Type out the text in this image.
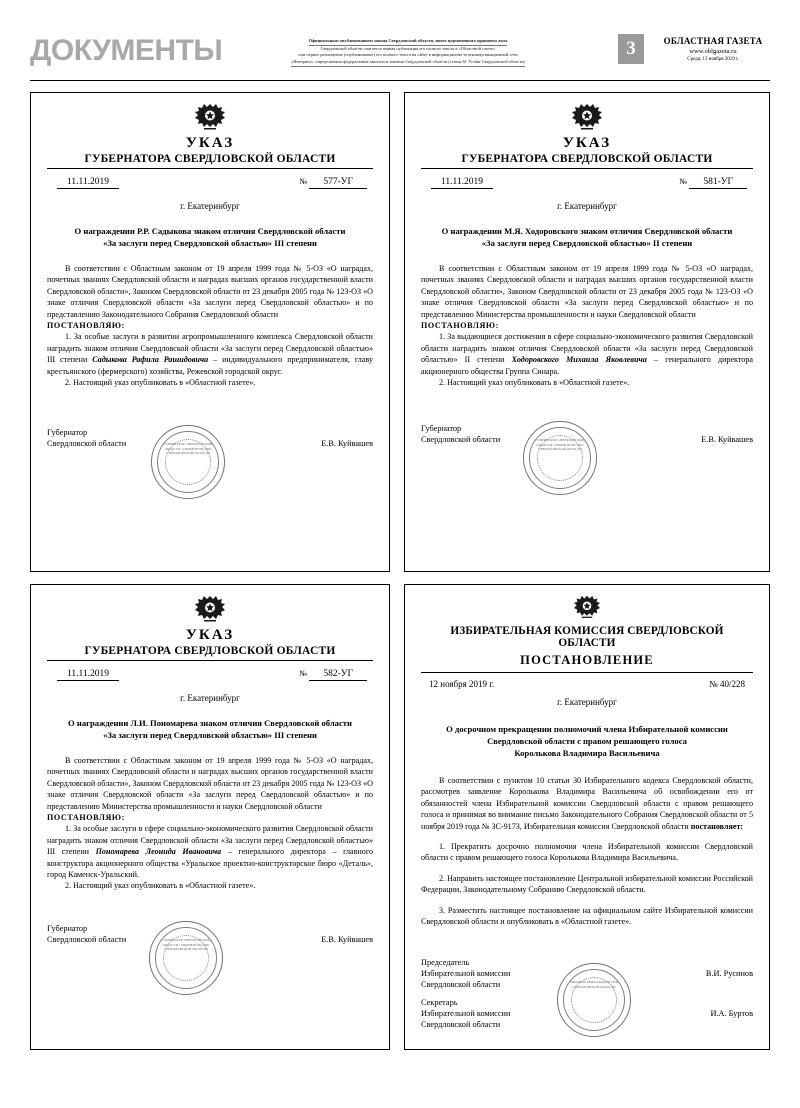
ДОКУМЕНТЫ	Официальным опубликованием закона Свердловской области, иного нормативного правового акта
Свердловской области считается первая публикация его полного текста в «Областной газете»
или первое размещение (опубликование) его полного текста на сайте в информационно-телекоммуникационной сети
«Интернет», определяемом федеральным законом и законом Свердловской области (статья 61 Устава Свердловской области)
3	ОБЛАСТНАЯ ГАЗЕТА
www.oblgazeta.ru
Среда, 13 ноября 2019 г.
УКАЗ
ГУБЕРНАТОРА СВЕРДЛОВСКОЙ ОБЛАСТИ
11.11.2019	№ 577-УГ
г. Екатеринбург
О награждении Р.Р. Садыкова знаком отличия Свердловской области
«За заслуги перед Свердловской областью» III степени

В соответствии с Областным законом от 19 апреля 1999 года № 5-ОЗ «О наградах, почетных званиях Свердловской области и наградах высших органов государственной власти Свердловской области», Законом Свердловской области от 23 декабря 2005 года № 123-ОЗ «О знаке отличия Свердловской области «За заслуги перед Свердловской областью» и по представлению Законодательного Собрания Свердловской области

ПОСТАНОВЛЯЮ:

1. За особые заслуги в развитии агропромышленного комплекса Свердловской области наградить знаком отличия Свердловской области «За заслуги перед Свердловской областью» III степени Садыкова Рафила Рашидовича – индивидуального предпринимателя, главу крестьянского (фермерского) хозяйства, Режевской городской округ.

2. Настоящий указ опубликовать в «Областной газете».

Губернатор
Свердловской области	Е.В. Куйвашев
ГУБЕРНАТОР СВЕРДЛОВСКОЙ ОБЛАСТИ • ПРАВИТЕЛЬСТВО СВЕРДЛОВСКОЙ ОБЛАСТИ
УКАЗ
ГУБЕРНАТОРА СВЕРДЛОВСКОЙ ОБЛАСТИ
11.11.2019	№ 581-УГ
г. Екатеринбург
О награждении М.Я. Ходоровского знаком отличия Свердловской области
«За заслуги перед Свердловской областью» II степени

В соответствии с Областным законом от 19 апреля 1999 года № 5-ОЗ «О наградах, почетных званиях Свердловской области и наградах высших органов государственной власти Свердловской области», Законом Свердловской области от 23 декабря 2005 года № 123-ОЗ «О знаке отличия Свердловской области «За заслуги перед Свердловской областью» и по представлению Министерства промышленности и науки Свердловской области

ПОСТАНОВЛЯЮ:

1. За выдающиеся достижения в сфере социально-экономического развития Свердловской области наградить знаком отличия Свердловской области «За заслуги перед Свердловской областью» II степени Ходоровского Михаила Яковлевича – генерального директора акционерного общества Группа Синара.

2. Настоящий указ опубликовать в «Областной газете».

Губернатор
Свердловской области	Е.В. Куйвашев
ГУБЕРНАТОР СВЕРДЛОВСКОЙ ОБЛАСТИ • ПРАВИТЕЛЬСТВО СВЕРДЛОВСКОЙ ОБЛАСТИ
УКАЗ
ГУБЕРНАТОРА СВЕРДЛОВСКОЙ ОБЛАСТИ
11.11.2019	№ 582-УГ
г. Екатеринбург
О награждении Л.И. Пономарева знаком отличия Свердловской области
«За заслуги перед Свердловской областью» III степени

В соответствии с Областным законом от 19 апреля 1999 года № 5-ОЗ «О наградах, почетных званиях Свердловской области и наградах высших органов государственной власти Свердловской области», Законом Свердловской области от 23 декабря 2005 года № 123-ОЗ «О знаке отличия Свердловской области «За заслуги перед Свердловской областью» и по представлению Министерства промышленности и науки Свердловской области

ПОСТАНОВЛЯЮ:

1. За особые заслуги в сфере социально-экономического развития Свердловской области наградить знаком отличия Свердловской области «За заслуги перед Свердловской областью» III степени Пономарева Леонида Ивановича – генерального директора – главного конструктора акционерного общества «Уральское проектно-конструкторское бюро «Деталь», город Каменск-Уральский.

2. Настоящий указ опубликовать в «Областной газете».

Губернатор
Свердловской области	Е.В. Куйвашев
ГУБЕРНАТОР СВЕРДЛОВСКОЙ ОБЛАСТИ • ПРАВИТЕЛЬСТВО СВЕРДЛОВСКОЙ ОБЛАСТИ
ИЗБИРАТЕЛЬНАЯ КОМИССИЯ СВЕРДЛОВСКОЙ ОБЛАСТИ
ПОСТАНОВЛЕНИЕ
12 ноября 2019 г.	№ 40/228
г. Екатеринбург
О досрочном прекращении полномочий члена Избирательной комиссии
Свердловской области с правом решающего голоса
Корольковa Владимира Васильевича

В соответствии с пунктом 10 статьи 30 Избирательного кодекса Свердловской области, рассмотрев заявление Королькова Владимира Васильевича об освобождении его от обязанностей члена Избирательной комиссии Свердловской области с правом решающего голоса и принимая во внимание письмо Законодательного Собрания Свердловской области от 5 ноября 2019 года № ЗС-9173, Избирательная комиссия Свердловской области постановляет:

1. Прекратить досрочно полномочия члена Избирательной комиссии Свердловской области с правом решающего голоса Королькова Владимира Васильевича.

2. Направить настоящее постановление Центральной избирательной комиссии Российской Федерации, Законодательному Собранию Свердловской области.

3. Разместить настоящее постановление на официальном сайте Избирательной комиссии Свердловской области и опубликовать в «Областной газете».

Председатель
Избирательной комиссии
Свердловской области
В.И. Русинов
Секретарь
Избирательной комиссии
Свердловской области
И.А. Буртов
ИЗБИРАТЕЛЬНАЯ КОМИССИЯ СВЕРДЛОВСКОЙ ОБЛАСТИ
